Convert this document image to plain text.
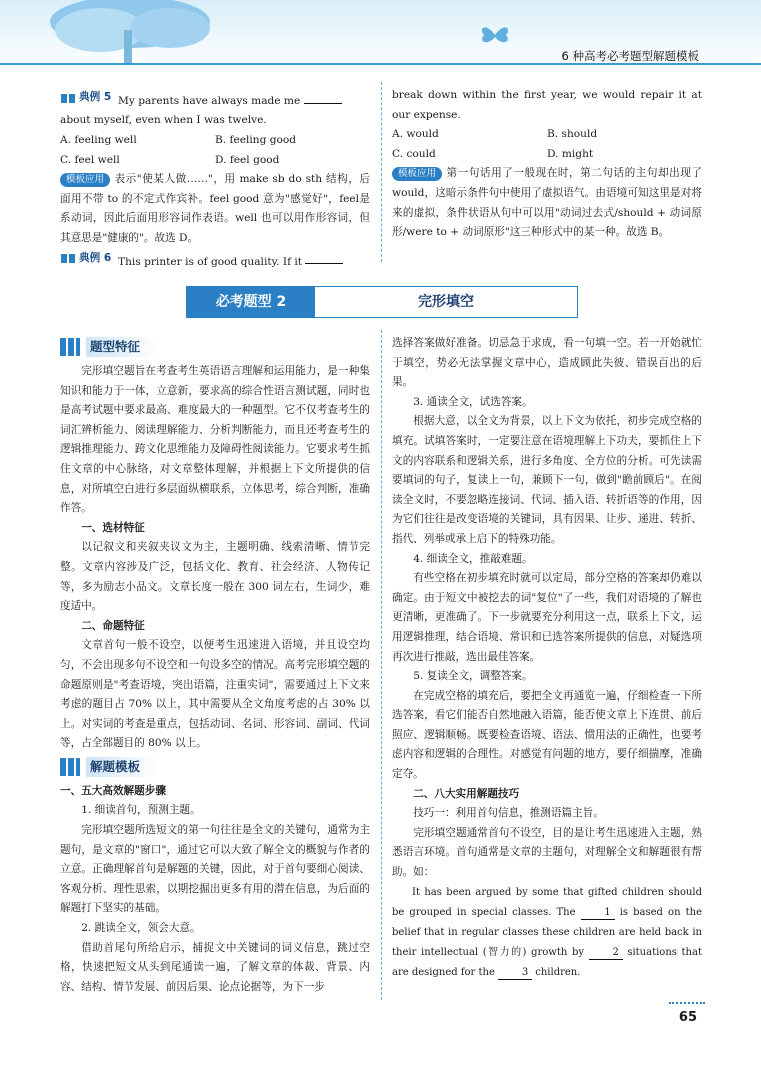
6 种高考必考题型解题模板

典例 5 My parents have always made me

about myself, even when I was twelve.

A. feeling well	B. feeling good
C. feel well	D. feel good

模板应用 表示"使某人做……"，用 make sb do sth 结构，后面用不带 to 的不定式作宾补。feel good 意为"感觉好"，feel是系动词，因此后面用形容词作表语。well 也可以用作形容词，但其意思是"健康的"。故选 D。

典例 6 This printer is of good quality. If it

break down within the first year, we would repair it at our expense.

A. would	B. should
C. could	D. might

模板应用 第一句话用了一般现在时，第二句话的主句却出现了 would，这暗示条件句中使用了虚拟语气。由语境可知这里是对将来的虚拟，条件状语从句中可以用"动词过去式/should + 动词原形/were to + 动词原形"这三种形式中的某一种。故选 B。

必考题型 2	完形填空
题型特征

完形填空题旨在考查考生英语语言理解和运用能力，是一种集知识和能力于一体，立意新，要求高的综合性语言测试题，同时也是高考试题中要求最高、难度最大的一种题型。它不仅考查考生的词汇辨析能力、阅读理解能力、分析判断能力，而且还考查考生的逻辑推理能力、跨文化思维能力及障碍性阅读能力。它要求考生抓住文章的中心脉络，对文章整体理解，并根据上下文所提供的信息，对所填空白进行多层面纵横联系，立体思考，综合判断，准确作答。

一、选材特征

以记叙文和夹叙夹议文为主，主题明确、线索清晰、情节完整。文章内容涉及广泛，包括文化、教育、社会经济、人物传记等，多为励志小品文。文章长度一般在 300 词左右，生词少，难度适中。

二、命题特征

文章首句一般不设空，以便考生迅速进入语境，并且设空均匀，不会出现多句不设空和一句设多空的情况。高考完形填空题的命题原则是"考查语境，突出语篇，注重实词"，需要通过上下文来考虑的题目占 70% 以上，其中需要从全文角度考虑的占 30% 以上。对实词的考查是重点，包括动词、名词、形容词、副词、代词等，占全部题目的 80% 以上。

解题模板

一、五大高效解题步骤

1. 细读首句，预测主题。

完形填空题所选短文的第一句往往是全文的关键句，通常为主题句，是文章的"窗口"，通过它可以大致了解全文的概貌与作者的立意。正确理解首句是解题的关键，因此，对于首句要细心阅读、客观分析、理性思索，以期挖掘出更多有用的潜在信息，为后面的解题打下坚实的基础。

2. 跳读全文，领会大意。

借助首尾句所给启示，捕捉文中关键词的词义信息，跳过空格，快速把短文从头到尾通读一遍，了解文章的体裁、背景、内容、结构、情节发展、前因后果、论点论据等，为下一步

选择答案做好准备。切忌急于求成，看一句填一空。若一开始就忙于填空，势必无法掌握文章中心，造成顾此失彼、错误百出的后果。

3. 通读全文，试选答案。

根据大意，以全文为背景，以上下文为依托，初步完成空格的填充。试填答案时，一定要注意在语境理解上下功夫，要抓住上下文的内容联系和逻辑关系，进行多角度、全方位的分析。可先读需要填词的句子，复读上一句，兼顾下一句，做到"瞻前顾后"。在阅读全文时，不要忽略连接词、代词、插入语、转折语等的作用，因为它们往往是改变语境的关键词，具有因果、让步、递进、转折、指代、列举或承上启下的特殊功能。

4. 细读全文，推敲难题。

有些空格在初步填充时就可以定局，部分空格的答案却仍难以确定。由于短文中被挖去的词"复位"了一些，我们对语境的了解也更清晰，更准确了。下一步就要充分利用这一点，联系上下文，运用逻辑推理，结合语境、常识和已选答案所提供的信息，对疑选项再次进行推敲，选出最佳答案。

5. 复读全文，调整答案。

在完成空格的填充后，要把全文再通览一遍，仔细检查一下所选答案，看它们能否自然地融入语篇，能否使文章上下连贯、前后照应、逻辑顺畅。既要检查语境、语法、惯用法的正确性，也要考虑内容和逻辑的合理性。对感觉有问题的地方，要仔细揣摩，准确定夺。

二、八大实用解题技巧

技巧一：利用首句信息，推测语篇主旨。

完形填空题通常首句不设空，目的是让考生迅速进入主题，熟悉语言环境。首句通常是文章的主题句，对理解全文和解题很有帮助。如：

It has been argued by some that gifted children should be grouped in special classes. The	1 is based on the belief that in regular classes these children are held back in their intellectual (智力的) growth by	2 situations that are designed for the	3 children.

65
